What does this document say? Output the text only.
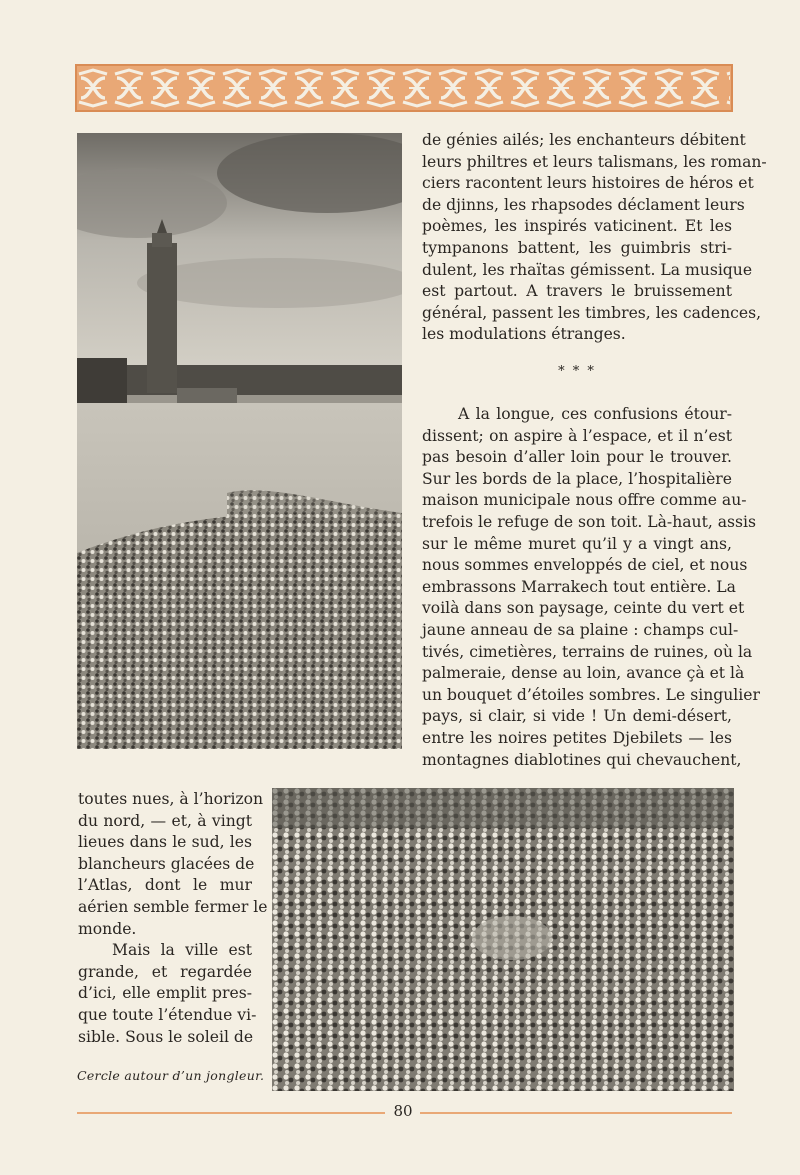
de génies ailés; les enchanteurs débitent
leurs philtres et leurs talismans, les roman-
ciers racontent leurs histoires de héros et
de djinns, les rhapsodes déclament leurs
poèmes, les inspirés vaticinent. Et les
tympanons battent, les guimbris stri-
dulent, les rhaïtas gémissent. La musique
est partout. A travers le bruissement
général, passent les timbres, les cadences,
les modulations étranges.

* * *

A la longue, ces confusions étour-
dissent; on aspire à l’espace, et il n’est
pas besoin d’aller loin pour le trouver.
Sur les bords de la place, l’hospitalière
maison municipale nous offre comme au-
trefois le refuge de son toit. Là-haut, assis
sur le même muret qu’il y a vingt ans,
nous sommes enveloppés de ciel, et nous
embrassons Marrakech tout entière. La
voilà dans son paysage, ceinte du vert et
jaune anneau de sa plaine : champs cul-
tivés, cimetières, terrains de ruines, où la
palmeraie, dense au loin, avance çà et là
un bouquet d’étoiles sombres. Le singulier
pays, si clair, si vide ! Un demi-désert,
entre les noires petites Djebilets — les
montagnes diablotines qui chevauchent,

toutes nues, à l’horizon
du nord, — et, à vingt
lieues dans le sud, les
blancheurs glacées de
l’Atlas, dont le mur
aérien semble fermer le
monde.
Mais la ville est
grande, et regardée
d’ici, elle emplit pres-
que toute l’étendue vi-
sible. Sous le soleil de

Cercle autour d’un jongleur.
80
